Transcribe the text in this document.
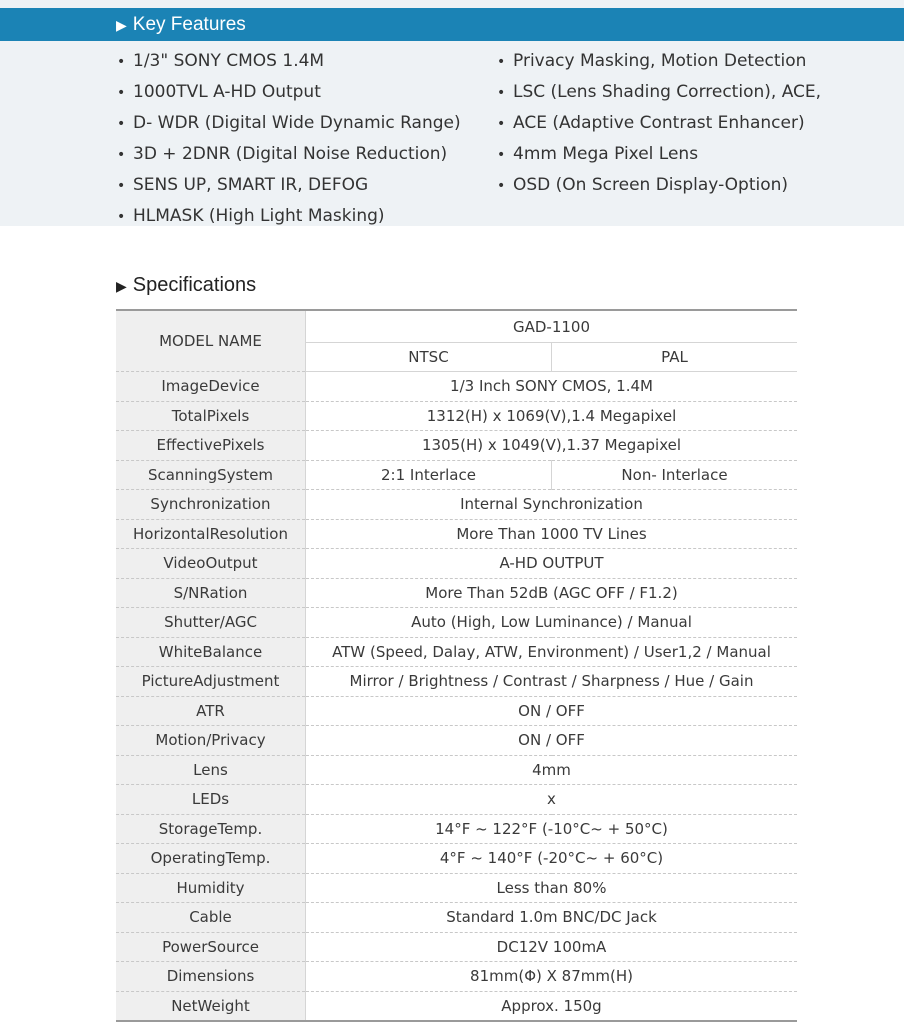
▶ Key Features
• 1/3" SONY CMOS 1.4M
• 1000TVL A-HD Output
• D- WDR (Digital Wide Dynamic Range)
• 3D + 2DNR (Digital Noise Reduction)
• SENS UP, SMART IR, DEFOG
• HLMASK (High Light Masking)
• Privacy Masking, Motion Detection
• LSC (Lens Shading Correction), ACE,
• ACE (Adaptive Contrast Enhancer)
• 4mm Mega Pixel Lens
• OSD (On Screen Display-Option)
▶ Specifications
MODEL NAME	GAD-1100	
	NTSC	PAL
ImageDevice	1/3 Inch SONY CMOS, 1.4M	
TotalPixels	1312(H) x 1069(V),1.4 Megapixel	
EffectivePixels	1305(H) x 1049(V),1.37 Megapixel	
ScanningSystem	2:1 Interlace	Non- Interlace
Synchronization	Internal Synchronization	
HorizontalResolution	More Than 1000 TV Lines	
VideoOutput	A-HD OUTPUT	
S/NRation	More Than 52dB (AGC OFF / F1.2)	
Shutter/AGC	Auto (High, Low Luminance) / Manual	
WhiteBalance	ATW (Speed, Dalay, ATW, Environment) / User1,2 / Manual	
PictureAdjustment	Mirror / Brightness / Contrast / Sharpness / Hue / Gain	
ATR	ON / OFF	
Motion/Privacy	ON / OFF	
Lens	4mm	
LEDs	x	
StorageTemp.	14°F ~ 122°F (-10°C~ + 50°C)	
OperatingTemp.	4°F ~ 140°F (-20°C~ + 60°C)	
Humidity	Less than 80%	
Cable	Standard 1.0m BNC/DC Jack	
PowerSource	DC12V 100mA	
Dimensions	81mm(Φ) X 87mm(H)	
NetWeight	Approx. 150g	
